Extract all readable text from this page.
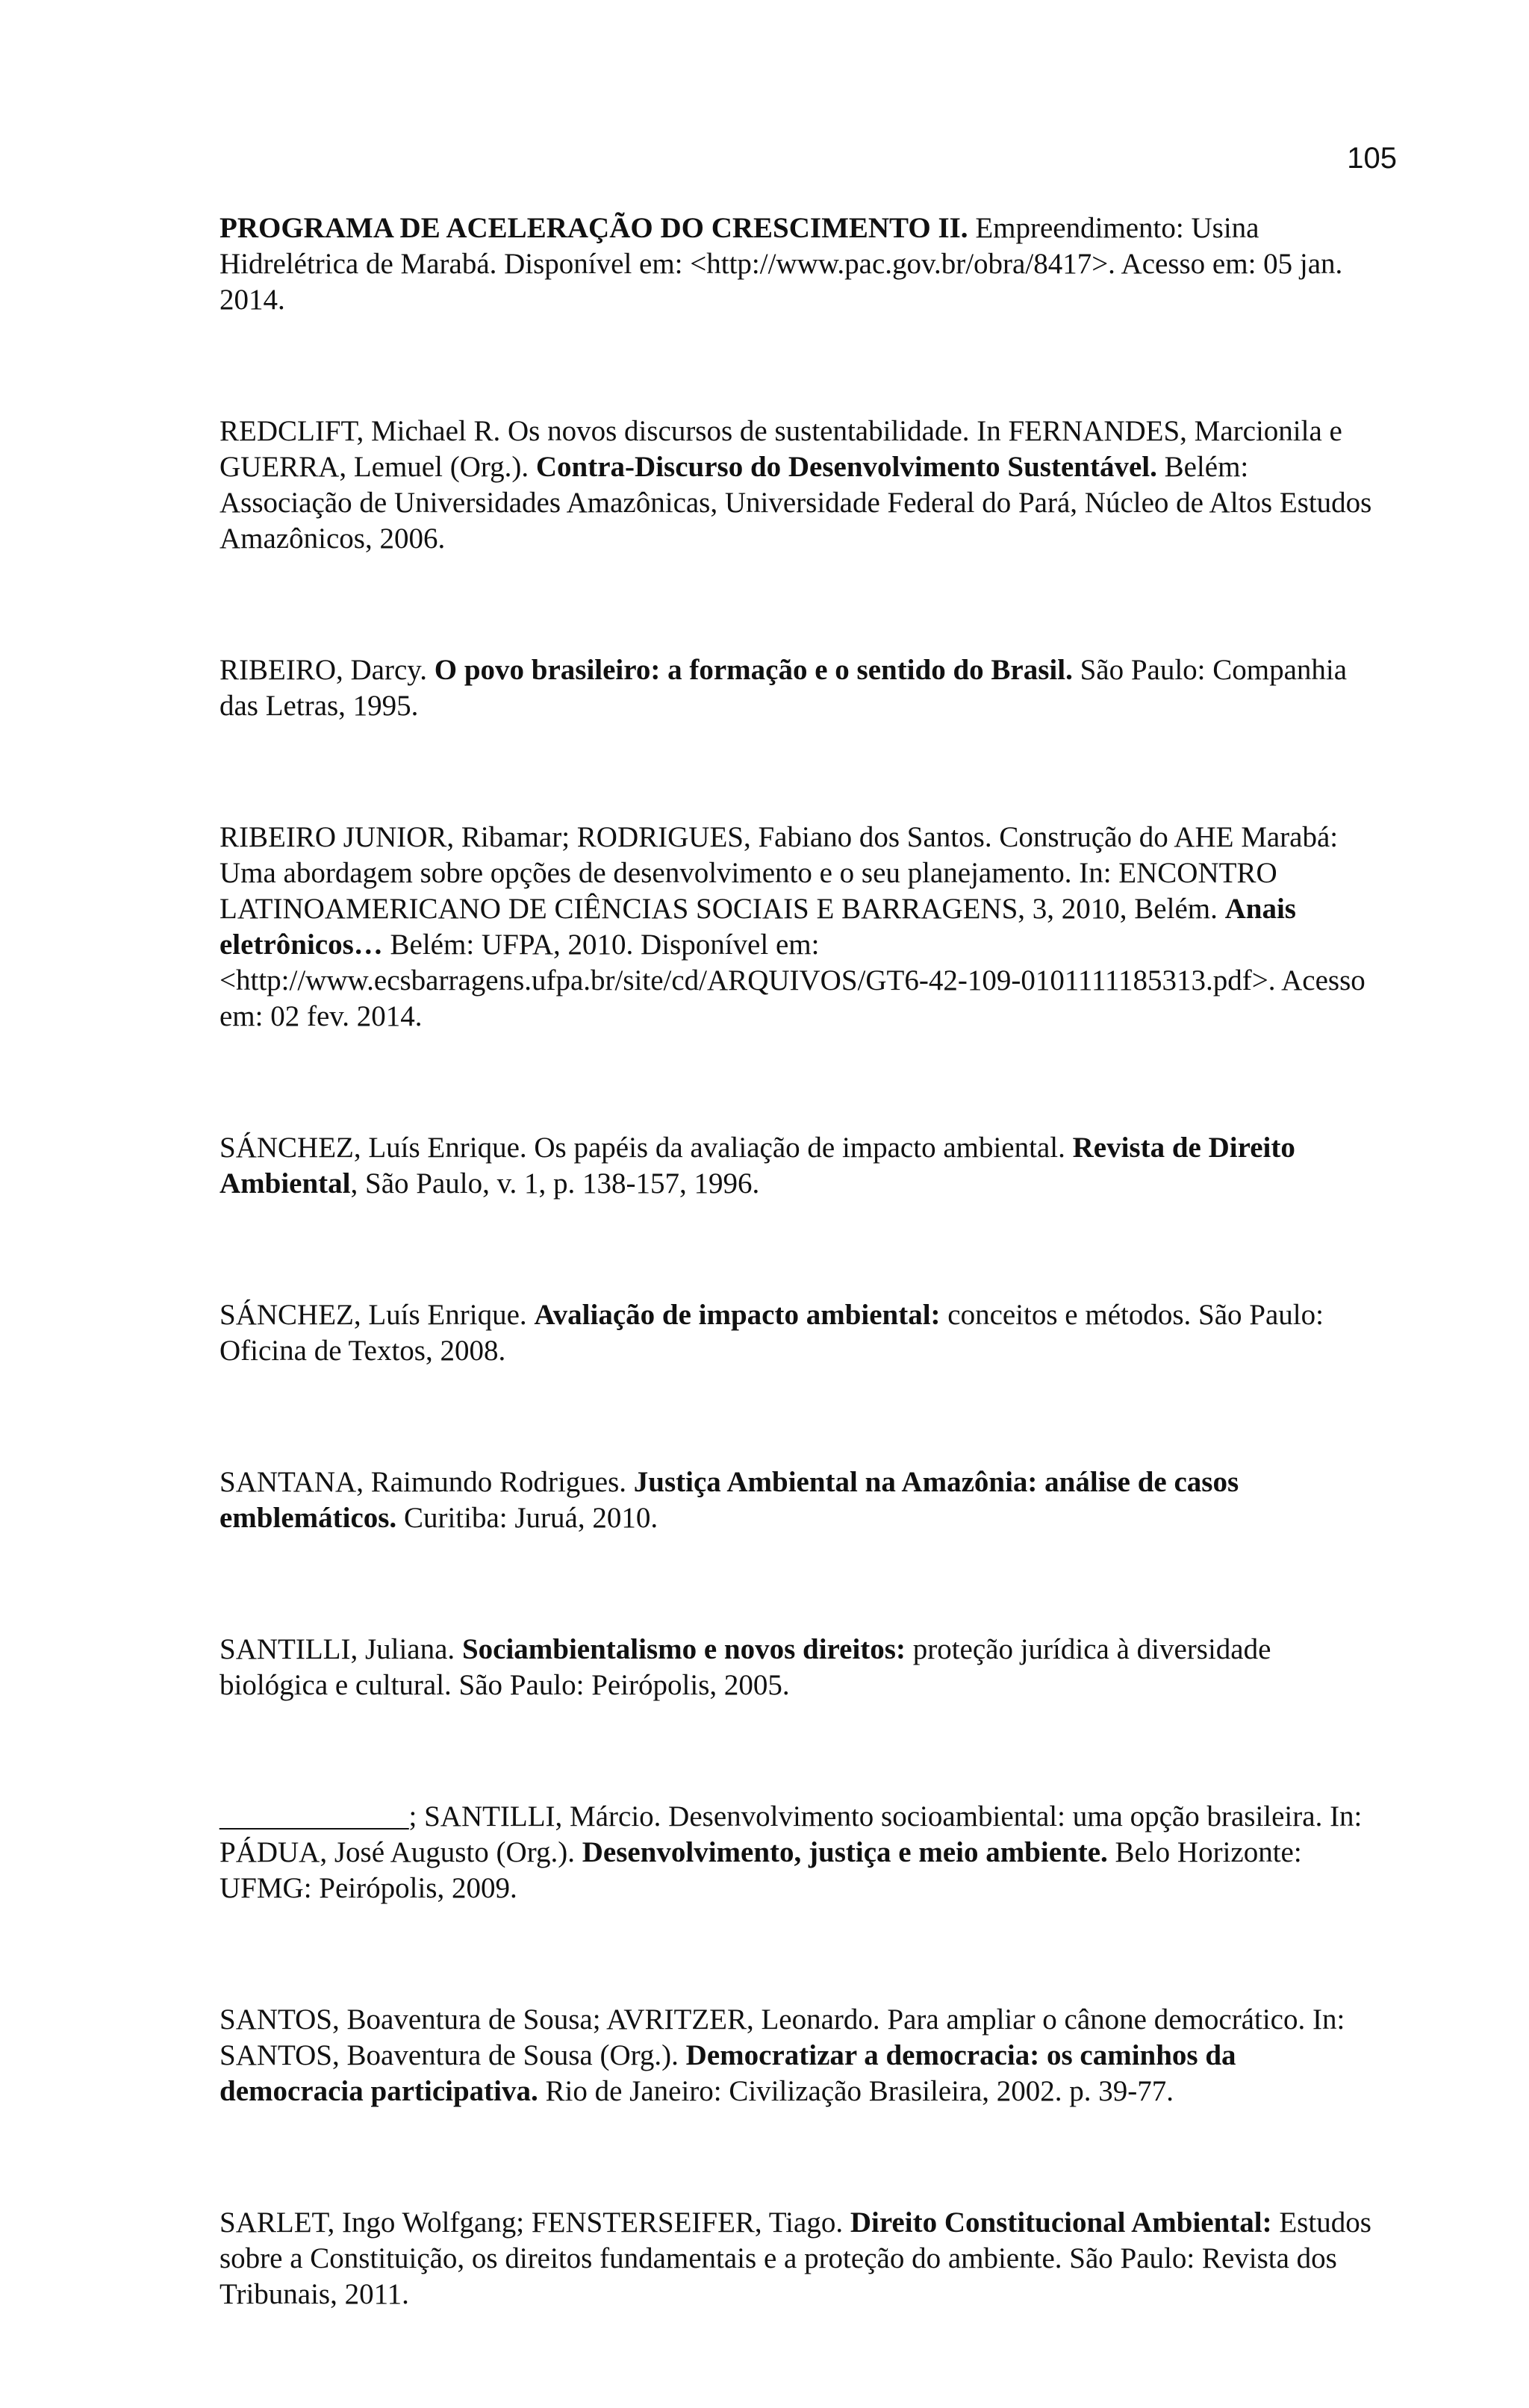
105

PROGRAMA DE ACELERAÇÃO DO CRESCIMENTO II. Empreendimento: Usina Hidrelétrica de Marabá. Disponível em: <http://www.pac.gov.br/obra/8417>. Acesso em: 05 jan. 2014.

REDCLIFT, Michael R. Os novos discursos de sustentabilidade. In FERNANDES, Marcionila e GUERRA, Lemuel (Org.). Contra-Discurso do Desenvolvimento Sustentável. Belém: Associação de Universidades Amazônicas, Universidade Federal do Pará, Núcleo de Altos Estudos Amazônicos, 2006.

RIBEIRO, Darcy. O povo brasileiro: a formação e o sentido do Brasil. São Paulo: Companhia das Letras, 1995.

RIBEIRO JUNIOR, Ribamar; RODRIGUES, Fabiano dos Santos. Construção do AHE Marabá: Uma abordagem sobre opções de desenvolvimento e o seu planejamento. In: ENCONTRO LATINOAMERICANO DE CIÊNCIAS SOCIAIS E BARRAGENS, 3, 2010, Belém. Anais eletrônicos… Belém: UFPA, 2010. Disponível em: <http://www.ecsbarragens.ufpa.br/site/cd/ARQUIVOS/GT6-42-109-0101111185313.pdf>. Acesso em: 02 fev. 2014.

SÁNCHEZ, Luís Enrique. Os papéis da avaliação de impacto ambiental. Revista de Direito Ambiental, São Paulo, v. 1, p. 138-157, 1996.

SÁNCHEZ, Luís Enrique. Avaliação de impacto ambiental: conceitos e métodos. São Paulo: Oficina de Textos, 2008.

SANTANA, Raimundo Rodrigues. Justiça Ambiental na Amazônia: análise de casos emblemáticos. Curitiba: Juruá, 2010.

SANTILLI, Juliana. Sociambientalismo e novos direitos: proteção jurídica à diversidade biológica e cultural. São Paulo: Peirópolis, 2005.

_____________; SANTILLI, Márcio. Desenvolvimento socioambiental: uma opção brasileira. In: PÁDUA, José Augusto (Org.). Desenvolvimento, justiça e meio ambiente. Belo Horizonte: UFMG: Peirópolis, 2009.

SANTOS, Boaventura de Sousa; AVRITZER, Leonardo. Para ampliar o cânone democrático. In: SANTOS, Boaventura de Sousa (Org.). Democratizar a democracia: os caminhos da democracia participativa. Rio de Janeiro: Civilização Brasileira, 2002. p. 39-77.

SARLET, Ingo Wolfgang; FENSTERSEIFER, Tiago. Direito Constitucional Ambiental: Estudos sobre a Constituição, os direitos fundamentais e a proteção do ambiente. São Paulo: Revista dos Tribunais, 2011.
